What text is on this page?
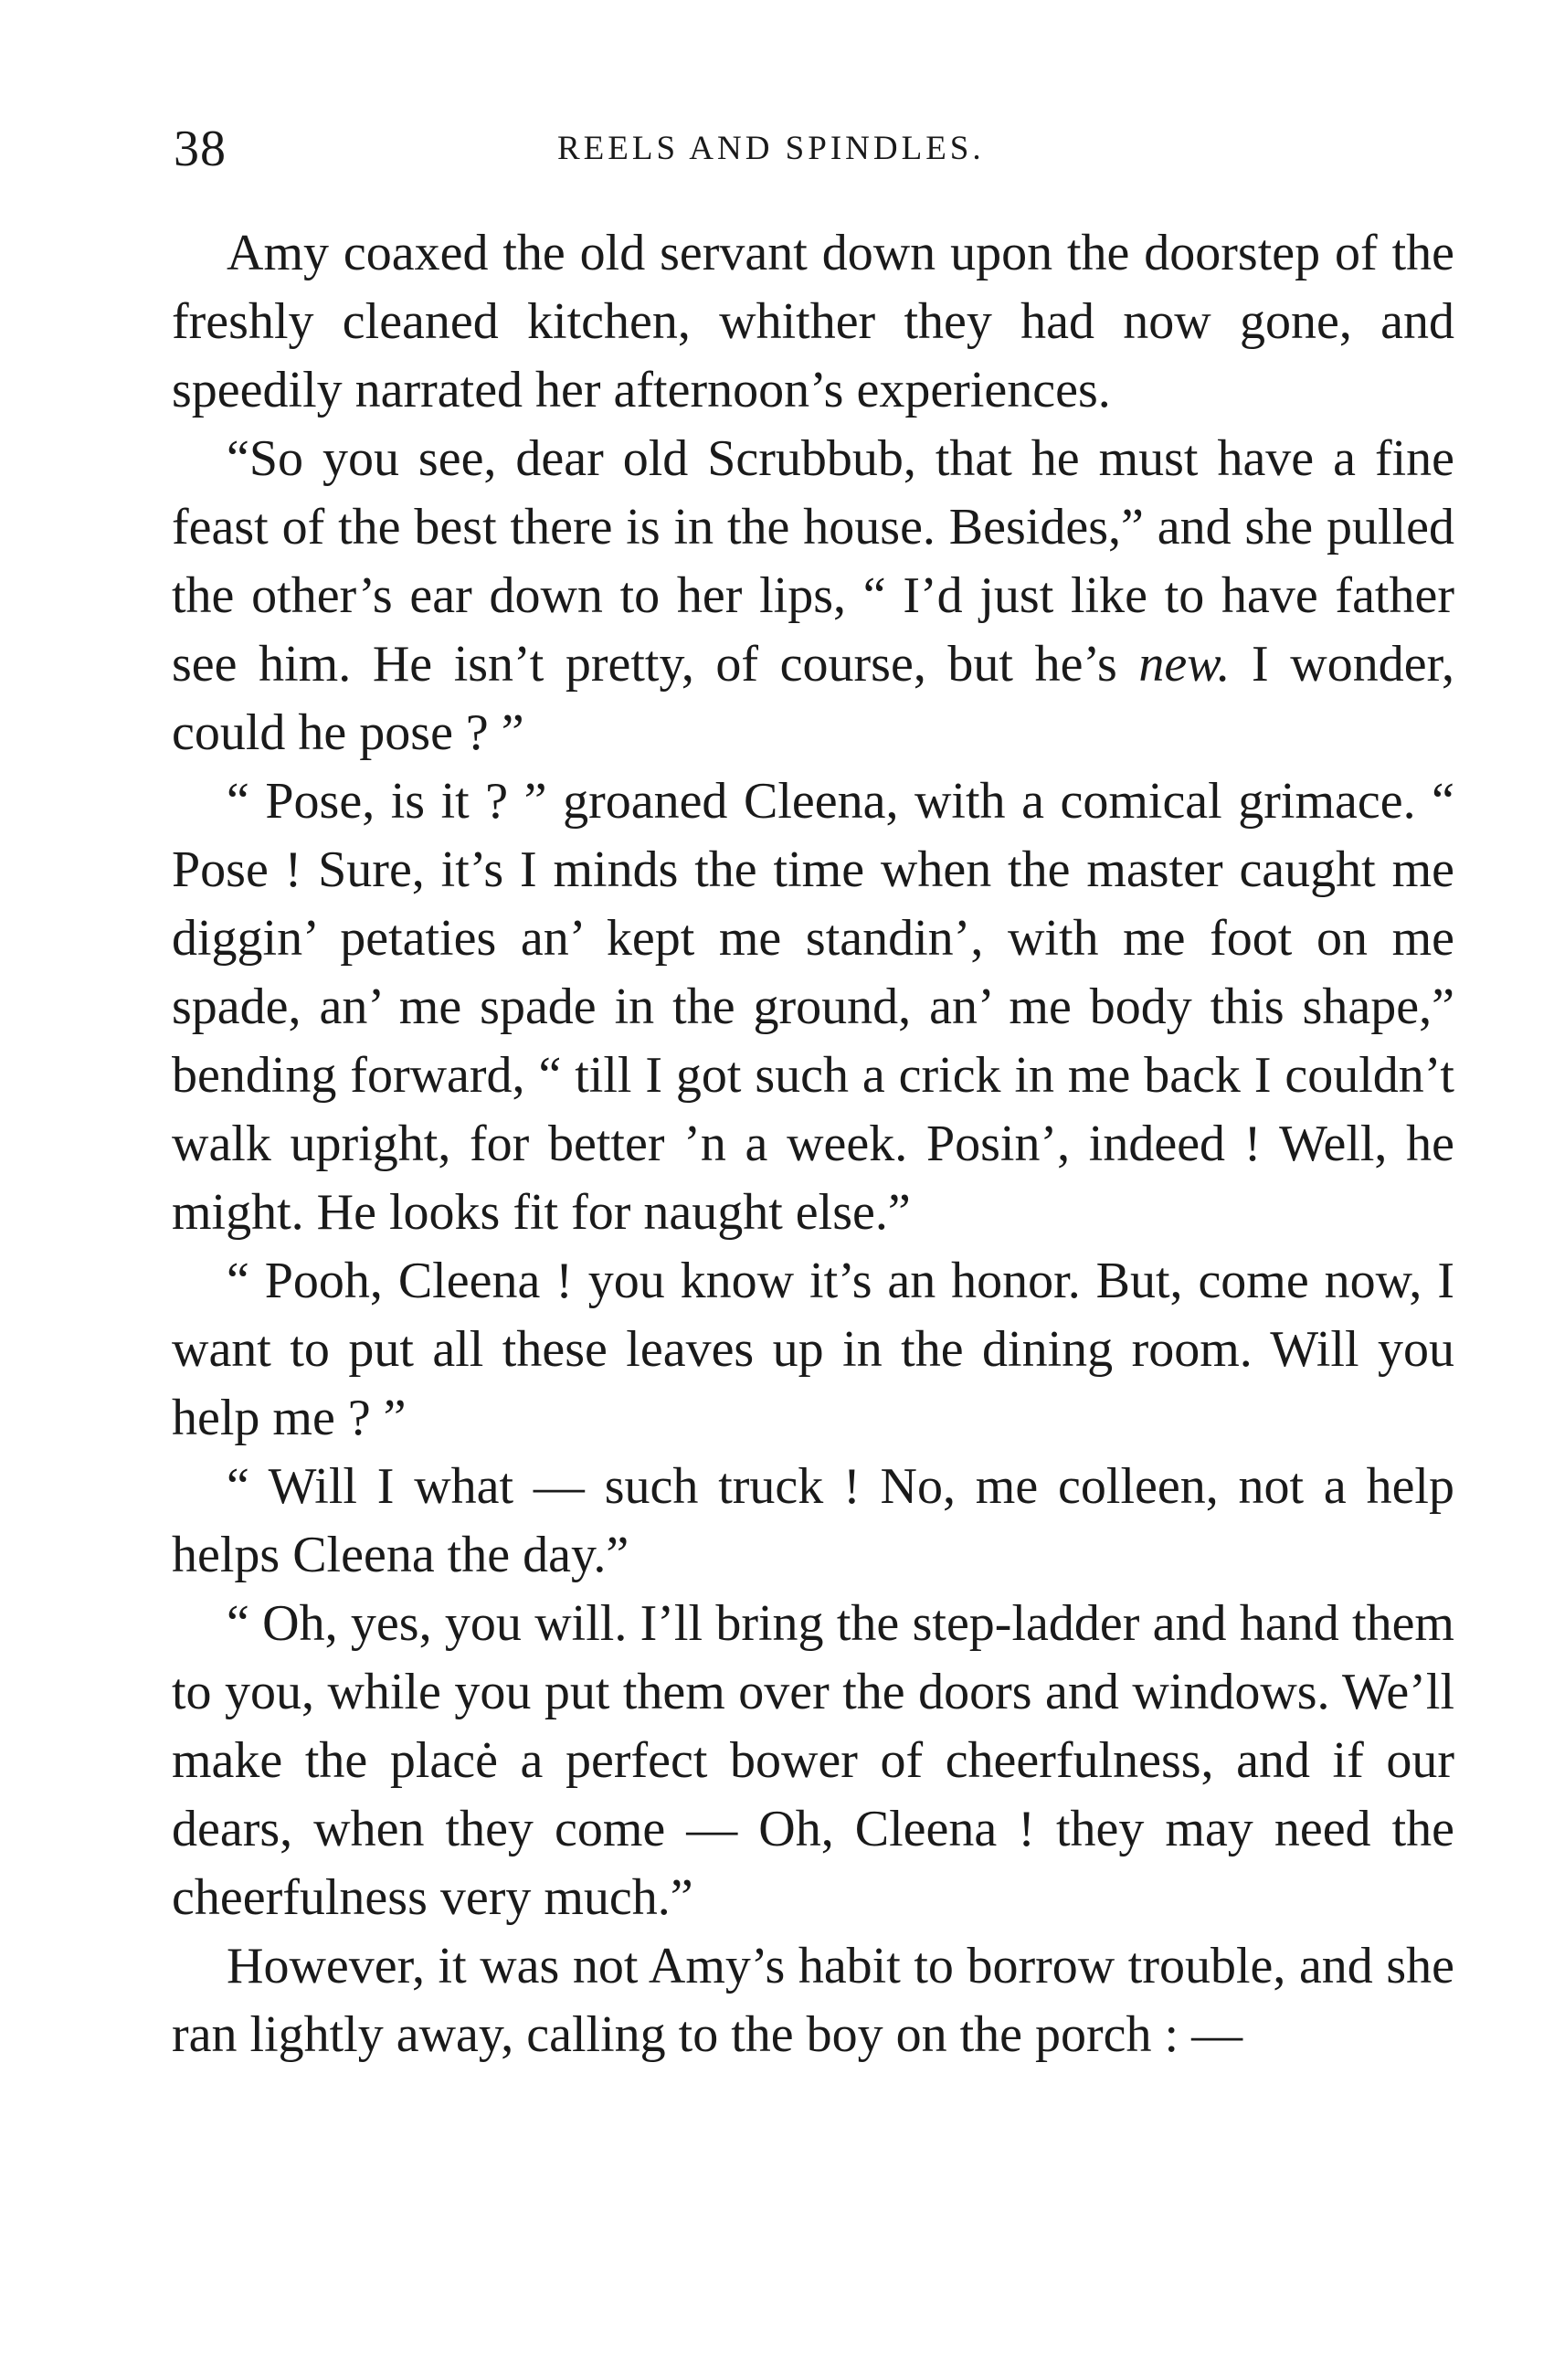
38	REELS AND SPINDLES.

Amy coaxed the old servant down upon the doorstep of the freshly cleaned kitchen, whither they had now gone, and speedily narrated her afternoon’s experiences.

“So you see, dear old Scrubbub, that he must have a fine feast of the best there is in the house. Besides,” and she pulled the other’s ear down to her lips, “ I’d just like to have father see him. He isn’t pretty, of course, but he’s new. I wonder, could he pose ? ”

“ Pose, is it ? ” groaned Cleena, with a comical grimace. “ Pose ! Sure, it’s I minds the time when the master caught me diggin’ petaties an’ kept me standin’, with me foot on me spade, an’ me spade in the ground, an’ me body this shape,” bending forward, “ till I got such a crick in me back I couldn’t walk upright, for better ’n a week. Posin’, indeed ! Well, he might. He looks fit for naught else.”

“ Pooh, Cleena ! you know it’s an honor. But, come now, I want to put all these leaves up in the dining room. Will you help me ? ”

“ Will I what — such truck ! No, me colleen, not a help helps Cleena the day.”

“ Oh, yes, you will. I’ll bring the step-ladder and hand them to you, while you put them over the doors and windows. We’ll make the placė a perfect bower of cheerfulness, and if our dears, when they come — Oh, Cleena ! they may need the cheerfulness very much.”

However, it was not Amy’s habit to borrow trouble, and she ran lightly away, calling to the boy on the porch : —
